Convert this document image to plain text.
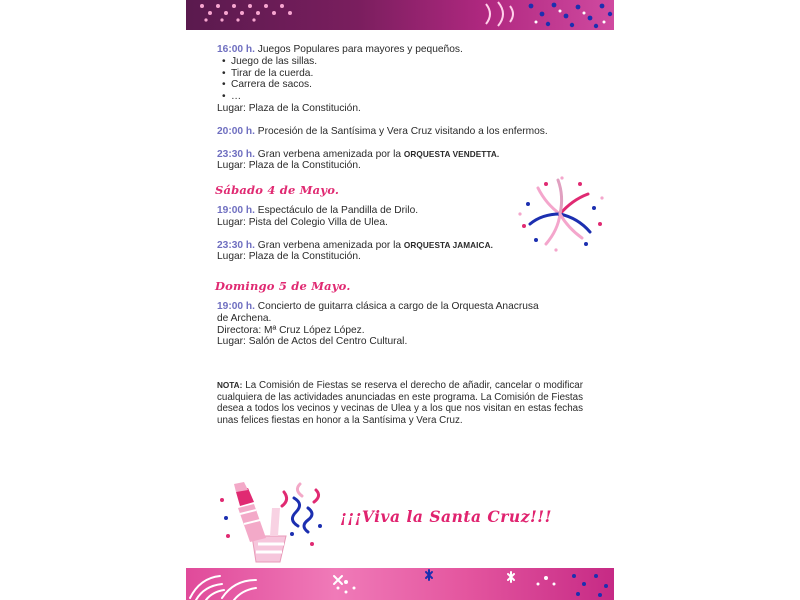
16:00 h. Juegos Populares para mayores y pequeños.
• Juego de las sillas.
• Tirar de la cuerda.
• Carrera de sacos.
• …
Lugar: Plaza de la Constitución.
20:00 h. Procesión de la Santísima y Vera Cruz visitando a los enfermos.
23:30 h. Gran verbena amenizada por la ORQUESTA VENDETTA.
Lugar: Plaza de la Constitución.
Sábado 4 de Mayo.
19:00 h. Espectáculo de la Pandilla de Drilo.
Lugar: Pista del Colegio Villa de Ulea.
23:30 h. Gran verbena amenizada por la ORQUESTA JAMAICA.
Lugar: Plaza de la Constitución.
Domingo 5 de Mayo.
19:00 h. Concierto de guitarra clásica a cargo de la Orquesta Anacrusa
de Archena.
Directora: Mª Cruz López López.
Lugar: Salón de Actos del Centro Cultural.
NOTA: La Comisión de Fiestas se reserva el derecho de añadir, cancelar o modificar cualquiera de las actividades anunciadas en este programa. La Comisión de Fiestas desea a todos los vecinos y vecinas de Ulea y a los que nos visitan en estas fechas unas felices fiestas en honor a la Santísima y Vera Cruz.
¡¡¡Viva la Santa Cruz!!!
